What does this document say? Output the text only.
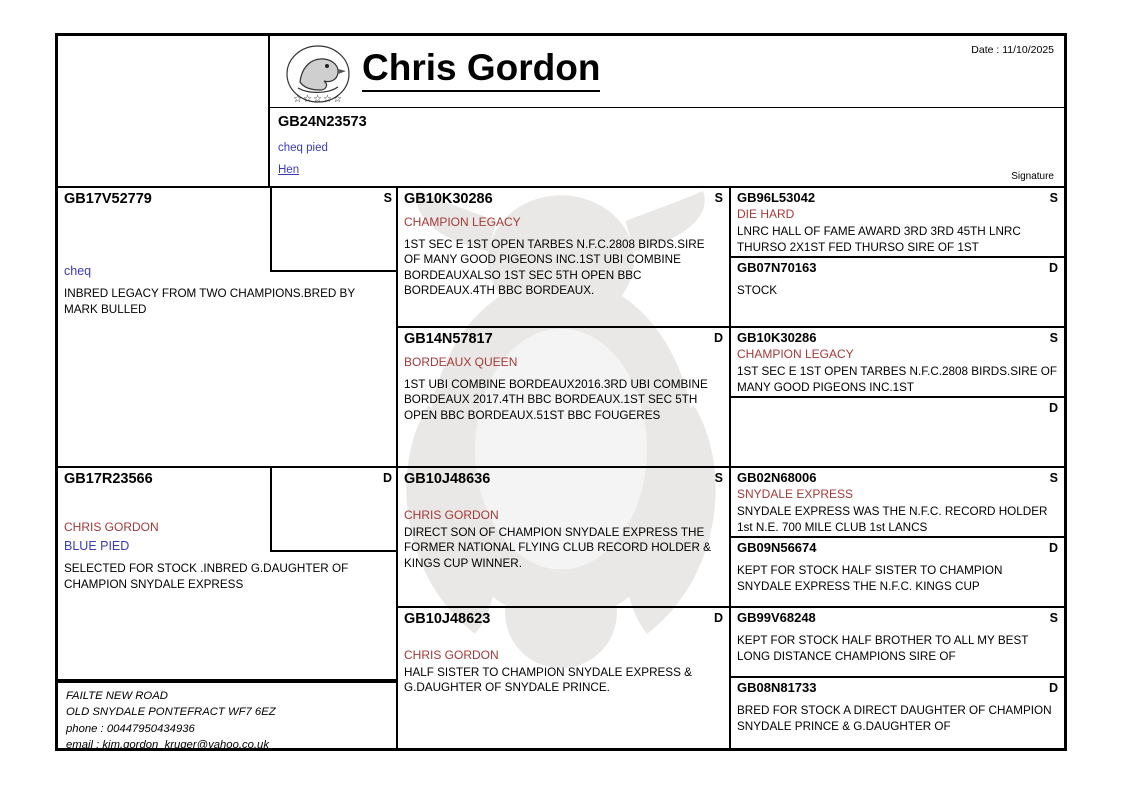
☆☆☆☆☆
Chris Gordon	Date : 11/10/2025
GB24N23573
cheq pied
Hen
Signature
GB17V52779
cheq
INBRED LEGACY FROM TWO CHAMPIONS.BRED BY MARK BULLED
S
GB17R23566
CHRIS GORDON
BLUE PIED
SELECTED FOR STOCK .INBRED G.DAUGHTER OF CHAMPION SNYDALE EXPRESS
D
FAILTE NEW ROAD
OLD SNYDALE PONTEFRACT WF7 6EZ
phone : 00447950434936
email : kim.gordon_kruger@yahoo.co.uk
S
GB10K30286
CHAMPION LEGACY
1ST SEC E 1ST OPEN TARBES N.F.C.2808 BIRDS.SIRE OF MANY GOOD PIGEONS INC.1ST UBI COMBINE BORDEAUXALSO 1ST SEC 5TH OPEN BBC BORDEAUX.4TH BBC BORDEAUX.
D
GB14N57817
BORDEAUX QUEEN
1ST UBI COMBINE BORDEAUX2016.3RD UBI COMBINE BORDEAUX 2017.4TH BBC BORDEAUX.1ST SEC 5TH OPEN BBC BORDEAUX.51ST BBC FOUGERES
S
GB10J48636
CHRIS GORDON
DIRECT SON OF CHAMPION SNYDALE EXPRESS THE FORMER NATIONAL FLYING CLUB RECORD HOLDER & KINGS CUP WINNER.
D
GB10J48623
CHRIS GORDON
HALF SISTER TO CHAMPION SNYDALE EXPRESS & G.DAUGHTER OF SNYDALE PRINCE.
S
GB96L53042
DIE HARD
LNRC HALL OF FAME AWARD 3RD 3RD 45TH LNRC THURSO 2X1ST FED THURSO SIRE OF 1ST
D
GB07N70163
STOCK
S
GB10K30286
CHAMPION LEGACY
1ST SEC E 1ST OPEN TARBES N.F.C.2808 BIRDS.SIRE OF MANY GOOD PIGEONS INC.1ST
D
S
GB02N68006
SNYDALE EXPRESS
SNYDALE EXPRESS WAS THE N.F.C. RECORD HOLDER 1st N.E. 700 MILE CLUB 1st LANCS
D
GB09N56674
KEPT FOR STOCK HALF SISTER TO CHAMPION SNYDALE EXPRESS THE N.F.C. KINGS CUP
S
GB99V68248
KEPT FOR STOCK HALF BROTHER TO ALL MY BEST LONG DISTANCE CHAMPIONS SIRE OF
D
GB08N81733
BRED FOR STOCK A DIRECT DAUGHTER OF CHAMPION SNYDALE PRINCE & G.DAUGHTER OF
